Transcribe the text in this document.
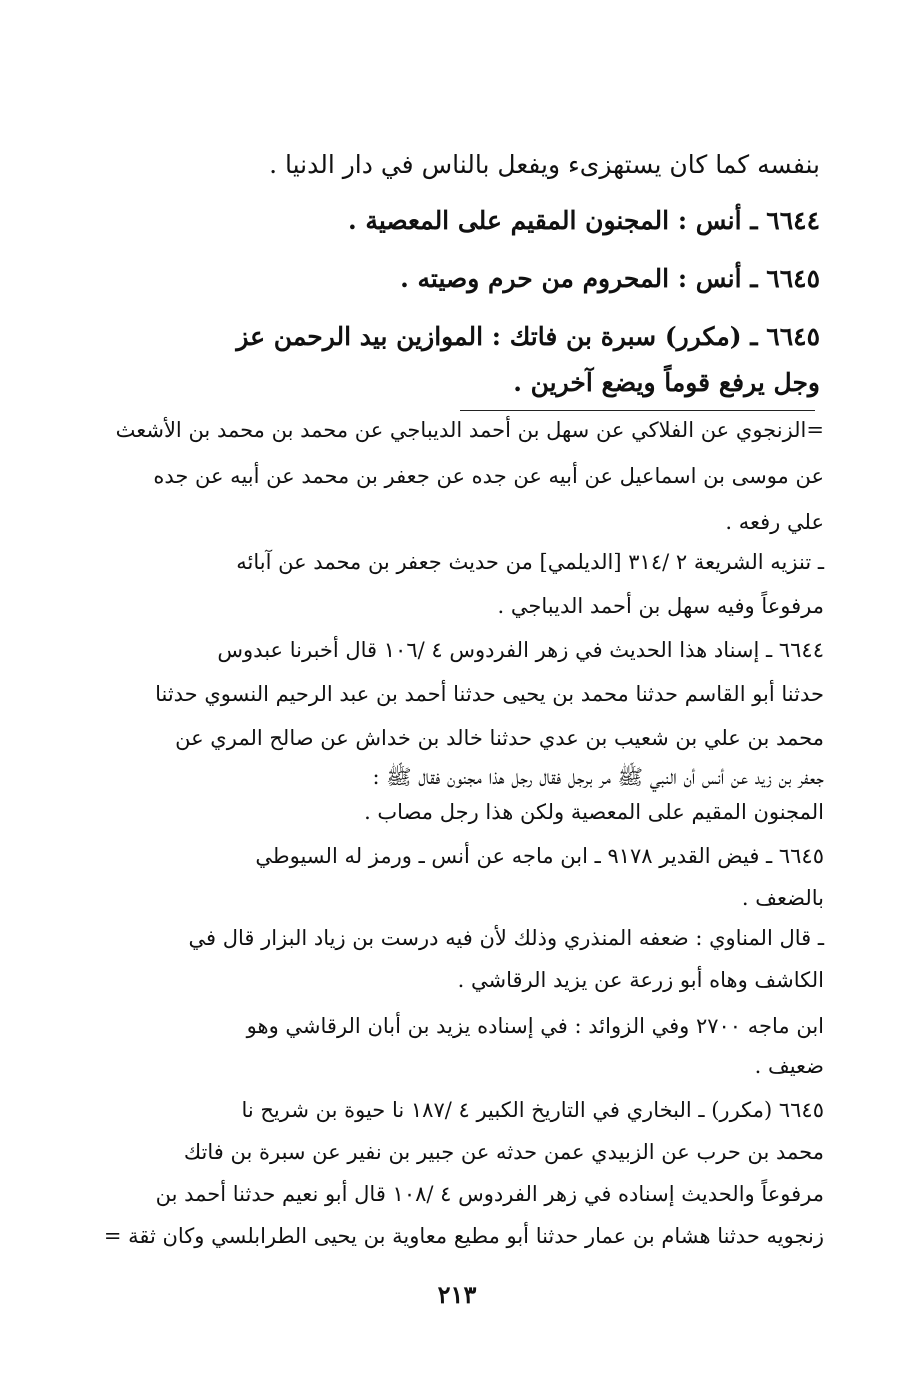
بنفسه كما كان يستهزىء ويفعل بالناس في دار الدنيا .
٦٦٤٤ ـ أنس : المجنون المقيم على المعصية .
٦٦٤٥ ـ أنس : المحروم من حرم وصيته .
٦٦٤٥ ـ (مكرر) سبرة بن فاتك : الموازين بيد الرحمن عز
وجل يرفع قوماً ويضع آخرين .
=الزنجوي عن الفلاكي عن سهل بن أحمد الديباجي عن محمد بن محمد بن الأشعث
عن موسى بن اسماعيل عن أبيه عن جده عن جعفر بن محمد عن أبيه عن جده
علي رفعه .
ـ تنزيه الشريعة ٢ /٣١٤ [الديلمي] من حديث جعفر بن محمد عن آبائه
مرفوعاً وفيه سهل بن أحمد الديباجي .
٦٦٤٤ ـ إسناد هذا الحديث في زهر الفردوس ٤ /١٠٦ قال أخبرنا عبدوس
حدثنا أبو القاسم حدثنا محمد بن يحيى حدثنا أحمد بن عبد الرحيم النسوي حدثنا
محمد بن علي بن شعيب بن عدي حدثنا خالد بن خداش عن صالح المري عن
جعفر بن زيد عن أنس أن النبي ﷺ مر برجل فقال رجل هذا مجنون فقال ﷺ :
المجنون المقيم على المعصية ولكن هذا رجل مصاب .
٦٦٤٥ ـ فيض القدير ٩١٧٨ ـ ابن ماجه عن أنس ـ ورمز له السيوطي
بالضعف .
ـ قال المناوي : ضعفه المنذري وذلك لأن فيه درست بن زياد البزار قال في
الكاشف وهاه أبو زرعة عن يزيد الرقاشي .
ابن ماجه ٢٧٠٠ وفي الزوائد : في إسناده يزيد بن أبان الرقاشي وهو
ضعيف .
٦٦٤٥ (مكرر) ـ البخاري في التاريخ الكبير ٤ /١٨٧ نا حيوة بن شريح نا
محمد بن حرب عن الزبيدي عمن حدثه عن جبير بن نفير عن سبرة بن فاتك
مرفوعاً والحديث إسناده في زهر الفردوس ٤ /١٠٨ قال أبو نعيم حدثنا أحمد بن
زنجويه حدثنا هشام بن عمار حدثنا أبو مطيع معاوية بن يحيى الطرابلسي وكان ثقة =
٢١٣
